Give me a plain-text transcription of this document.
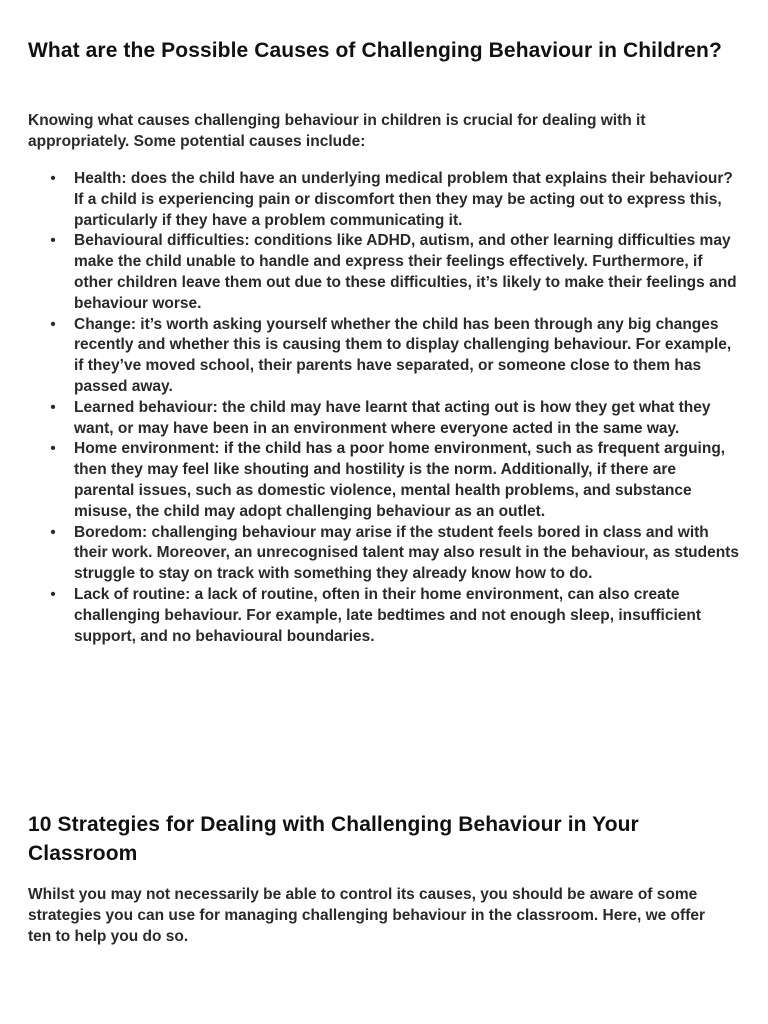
What are the Possible Causes of Challenging Behaviour in Children?

Knowing what causes challenging behaviour in children is crucial for dealing with it appropriately. Some potential causes include:

• Health: does the child have an underlying medical problem that explains their behaviour? If a child is experiencing pain or discomfort then they may be acting out to express this, particularly if they have a problem communicating it.
• Behavioural difficulties: conditions like ADHD, autism, and other learning difficulties may make the child unable to handle and express their feelings effectively. Furthermore, if other children leave them out due to these difficulties, it’s likely to make their feelings and behaviour worse.
• Change: it’s worth asking yourself whether the child has been through any big changes recently and whether this is causing them to display challenging behaviour. For example, if they’ve moved school, their parents have separated, or someone close to them has passed away.
• Learned behaviour: the child may have learnt that acting out is how they get what they want, or may have been in an environment where everyone acted in the same way.
• Home environment: if the child has a poor home environment, such as frequent arguing, then they may feel like shouting and hostility is the norm. Additionally, if there are parental issues, such as domestic violence, mental health problems, and substance misuse, the child may adopt challenging behaviour as an outlet.
• Boredom: challenging behaviour may arise if the student feels bored in class and with their work. Moreover, an unrecognised talent may also result in the behaviour, as students struggle to stay on track with something they already know how to do.
• Lack of routine: a lack of routine, often in their home environment, can also create challenging behaviour. For example, late bedtimes and not enough sleep, insufficient support, and no behavioural boundaries.
10 Strategies for Dealing with Challenging Behaviour in Your Classroom

Whilst you may not necessarily be able to control its causes, you should be aware of some strategies you can use for managing challenging behaviour in the classroom. Here, we offer ten to help you do so.
